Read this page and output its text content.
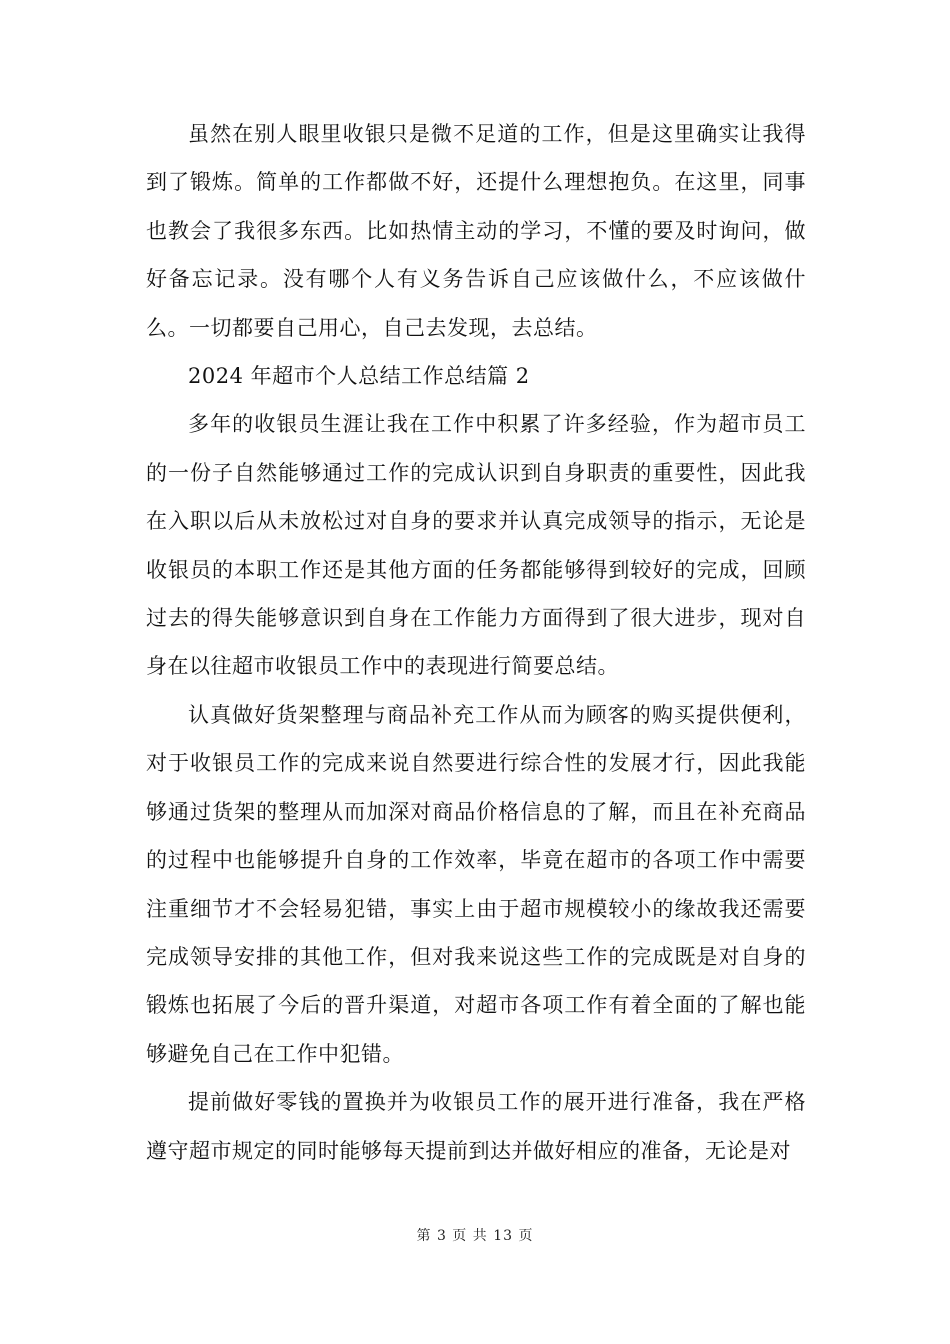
虽然在别人眼里收银只是微不足道的工作，但是这里确实让我得到了锻炼。简单的工作都做不好，还提什么理想抱负。在这里，同事也教会了我很多东西。比如热情主动的学习，不懂的要及时询问，做好备忘记录。没有哪个人有义务告诉自己应该做什么，不应该做什么。一切都要自己用心，自己去发现，去总结。

2024 年超市个人总结工作总结篇 2

多年的收银员生涯让我在工作中积累了许多经验，作为超市员工的一份子自然能够通过工作的完成认识到自身职责的重要性，因此我在入职以后从未放松过对自身的要求并认真完成领导的指示，无论是收银员的本职工作还是其他方面的任务都能够得到较好的完成，回顾过去的得失能够意识到自身在工作能力方面得到了很大进步，现对自身在以往超市收银员工作中的表现进行简要总结。

认真做好货架整理与商品补充工作从而为顾客的购买提供便利，对于收银员工作的完成来说自然要进行综合性的发展才行，因此我能够通过货架的整理从而加深对商品价格信息的了解，而且在补充商品的过程中也能够提升自身的工作效率，毕竟在超市的各项工作中需要注重细节才不会轻易犯错，事实上由于超市规模较小的缘故我还需要完成领导安排的其他工作，但对我来说这些工作的完成既是对自身的锻炼也拓展了今后的晋升渠道，对超市各项工作有着全面的了解也能够避免自己在工作中犯错。

提前做好零钱的置换并为收银员工作的展开进行准备，我在严格遵守超市规定的同时能够每天提前到达并做好相应的准备，无论是对

第 3 页 共 13 页
